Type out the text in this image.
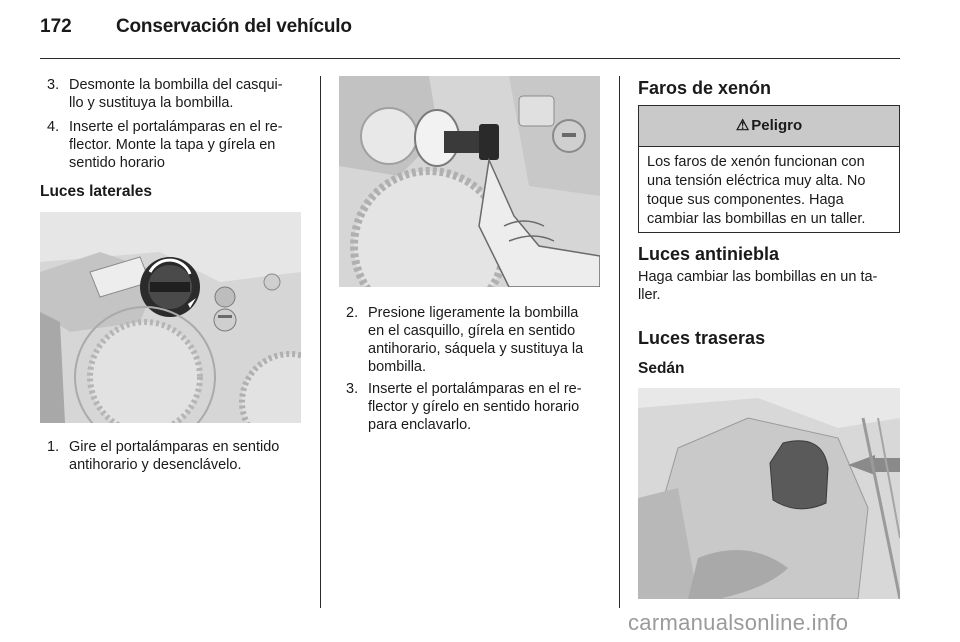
172 Conservación del vehículo
3. Desmonte la bombilla del casqui-
llo y sustituya la bombilla.
4. Inserte el portalámparas en el re-
flector. Monte la tapa y gírela en
sentido horario
Luces laterales
1. Gire el portalámparas en sentido
antihorario y desenclávelo.
2. Presione ligeramente la bombilla
en el casquillo, gírela en sentido
antihorario, sáquela y sustituya la
bombilla.
3. Inserte el portalámparas en el re-
flector y gírelo en sentido horario
para enclavarlo.
Faros de xenón
⚠ Peligro
Los faros de xenón funcionan con
una tensión eléctrica muy alta. No
toque sus componentes. Haga
cambiar las bombillas en un taller.
Luces antiniebla
Haga cambiar las bombillas en un ta-
ller.
Luces traseras
Sedán
carmanualsonline.info
